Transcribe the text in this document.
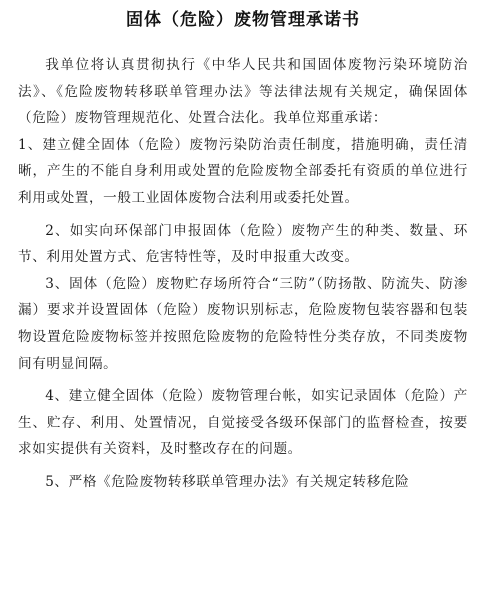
固体（危险）废物管理承诺书

我单位将认真贯彻执行《中华人民共和国固体废物污染环境防治法》、《危险废物转移联单管理办法》等法律法规有关规定，确保固体（危险）废物管理规范化、处置合法化。我单位郑重承诺：

1、建立健全固体（危险）废物污染防治责任制度，措施明确，责任清晰，产生的不能自身利用或处置的危险废物全部委托有资质的单位进行利用或处置，一般工业固体废物合法利用或委托处置。

2、如实向环保部门申报固体（危险）废物产生的种类、数量、环节、利用处置方式、危害特性等，及时申报重大改变。

3、固体（危险）废物贮存场所符合“三防”（防扬散、防流失、防渗漏）要求并设置固体（危险）废物识别标志，危险废物包装容器和包装物设置危险废物标签并按照危险废物的危险特性分类存放，不同类废物间有明显间隔。

4、建立健全固体（危险）废物管理台帐，如实记录固体（危险）产生、贮存、利用、处置情况，自觉接受各级环保部门的监督检查，按要求如实提供有关资料，及时整改存在的问题。

5、严格《危险废物转移联单管理办法》有关规定转移危险
